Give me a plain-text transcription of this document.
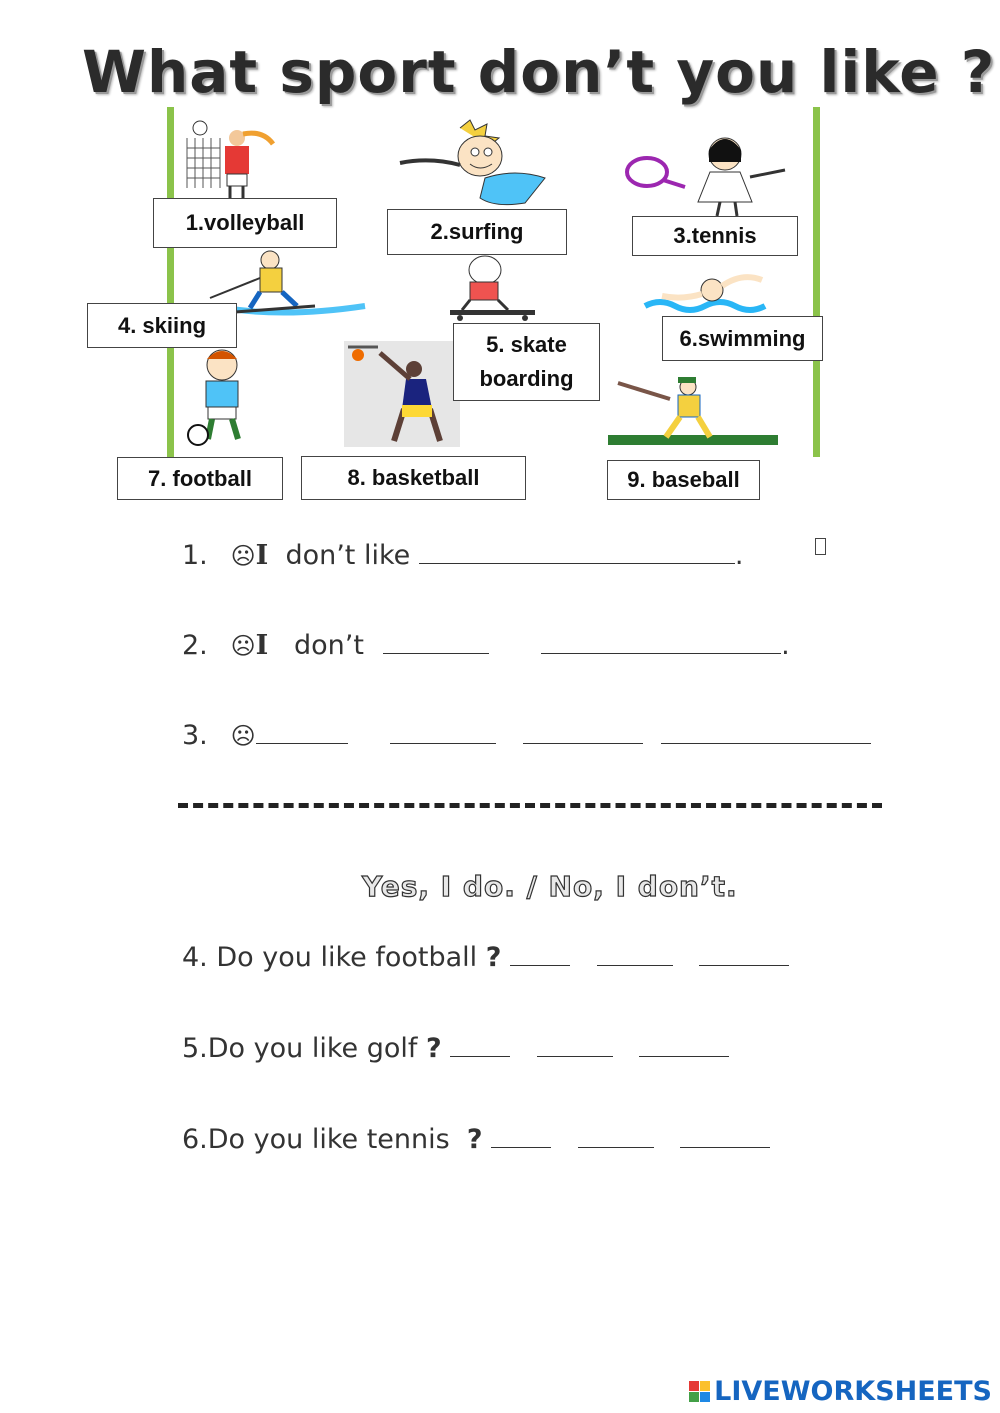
What sport don’t you like ?
1.volleyball	2.surfing	3.tennis
4. skiing
5. skate
boarding
6.swimming
7. football	8. basketball	9. baseball
1. ☹I don’t like	.
2. ☹I don’t	.
3. ☹
Yes, I do. / No, I don’t.
4. Do you like football ?
5.Do you like golf ?
6.Do you like tennis ?
LIVEWORKSHEETS
